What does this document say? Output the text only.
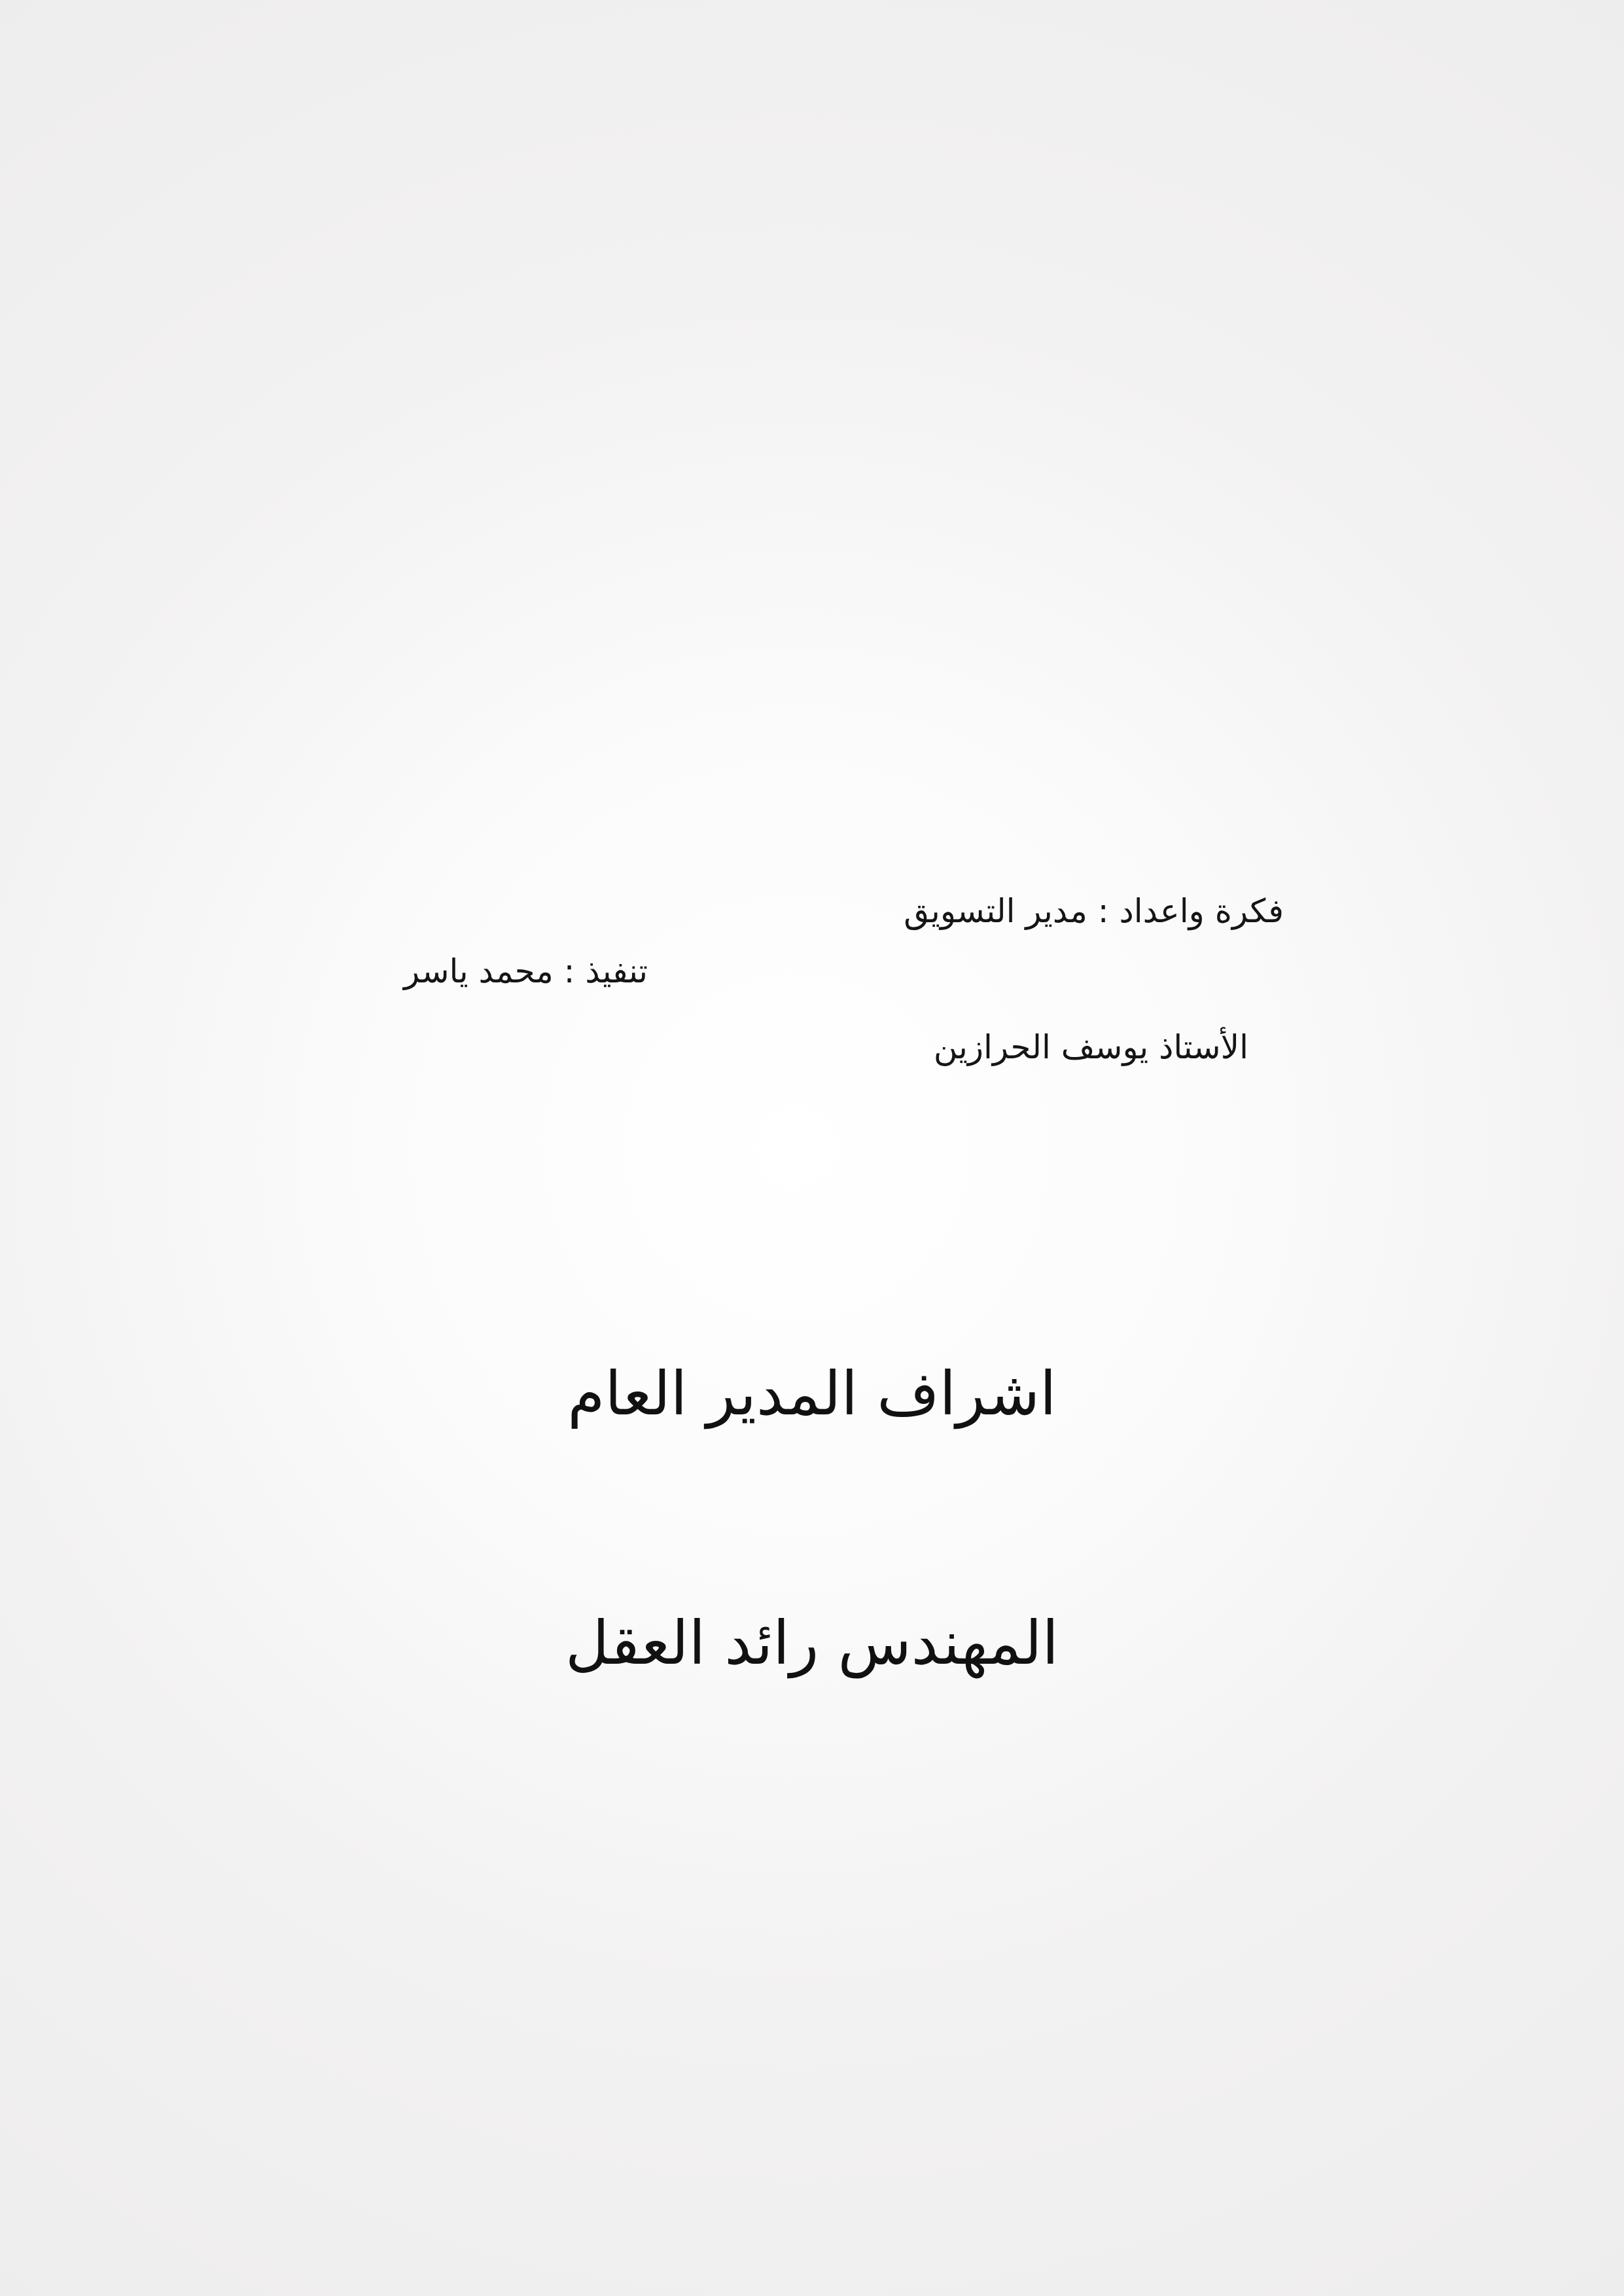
فكرة واعداد : مدير التسويق
تنفيذ : محمد ياسر
الأستاذ يوسف الحرازين
اشراف المدير العام
المهندس رائد العقل
